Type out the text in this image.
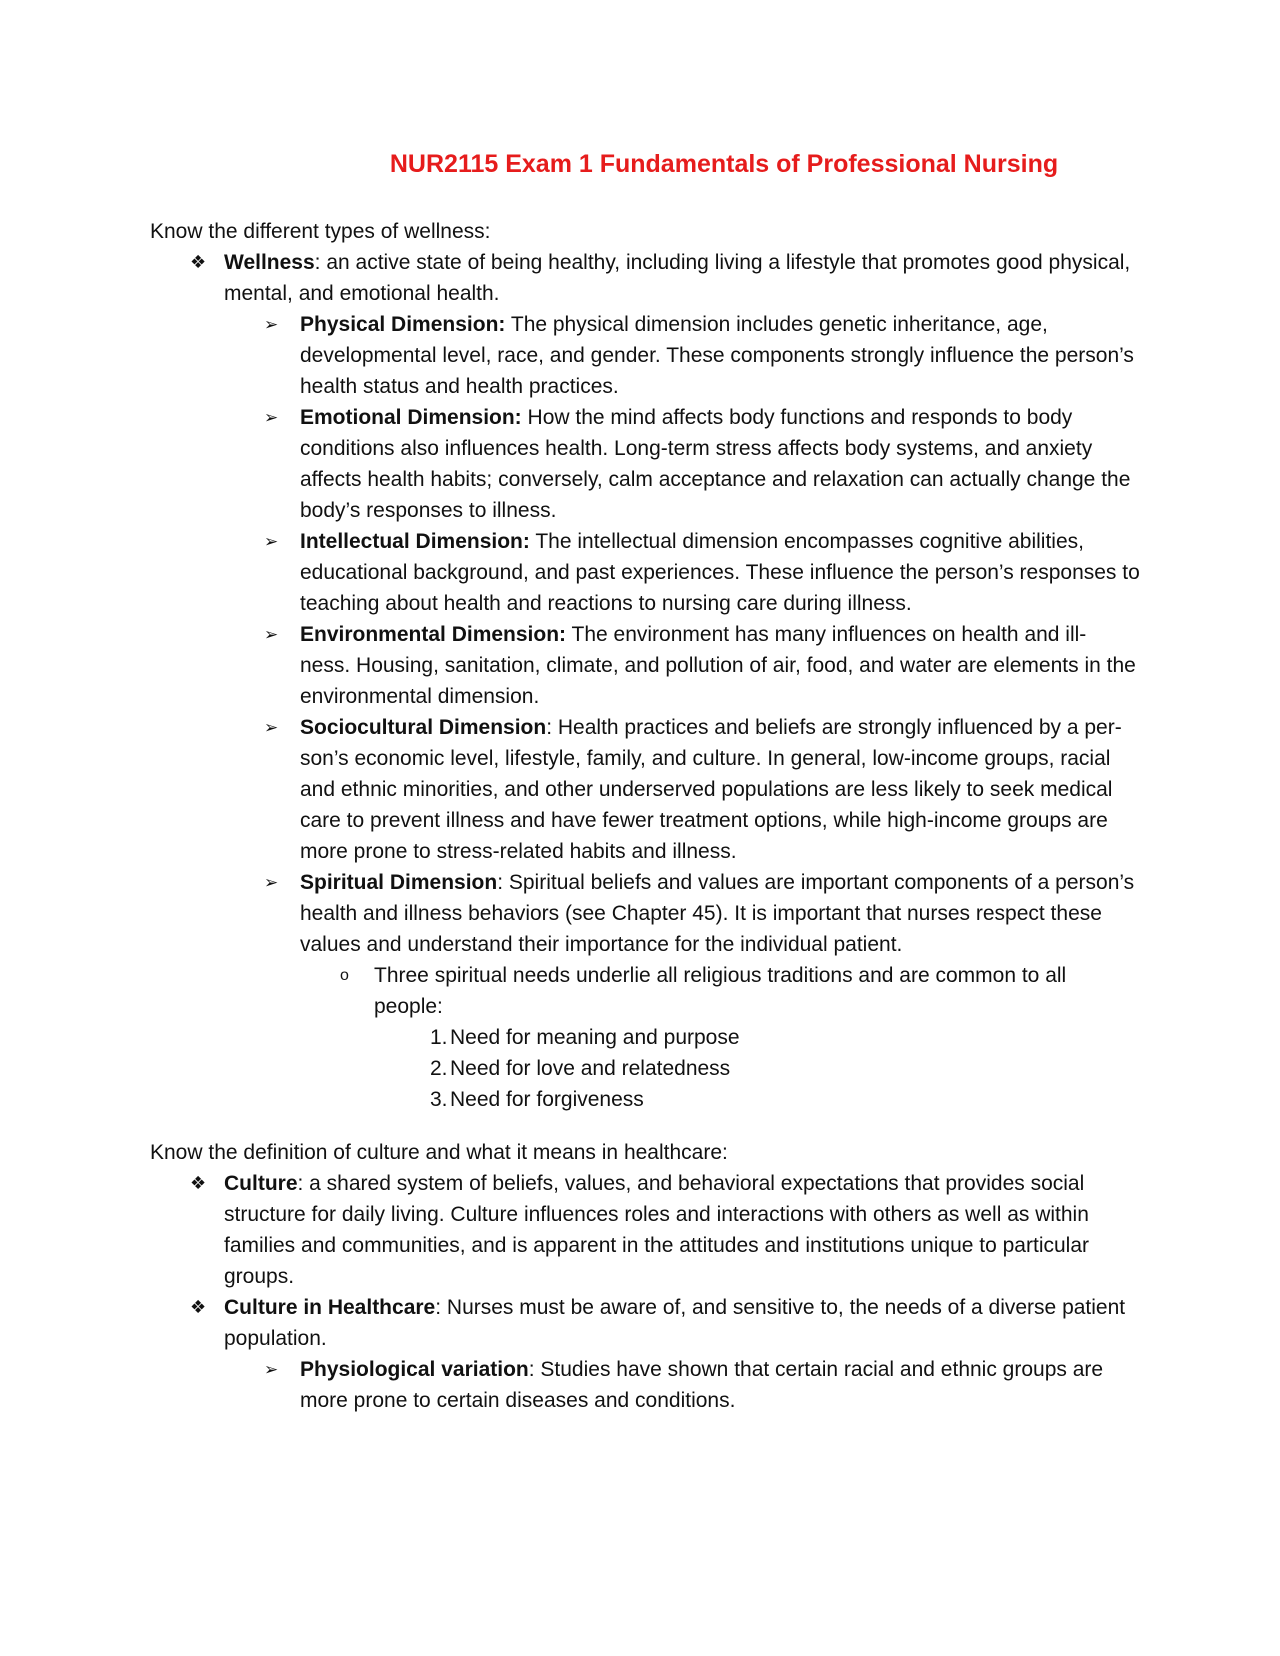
NUR2115 Exam 1 Fundamentals of Professional Nursing

Know the different types of wellness:

❖ Wellness: an active state of being healthy, including living a lifestyle that promotes good physical, mental, and emotional health.
➢ Physical Dimension: The physical dimension includes genetic inheritance, age, developmental level, race, and gender. These components strongly influence the person’s health status and health practices.
➢ Emotional Dimension: How the mind affects body functions and responds to body conditions also influences health. Long-term stress affects body systems, and anxiety affects health habits; conversely, calm acceptance and relaxation can actually change the body’s responses to illness.
➢ Intellectual Dimension: The intellectual dimension encompasses cognitive abilities, educational background, and past experiences. These influence the person’s responses to teaching about health and reactions to nursing care during illness.
➢ Environmental Dimension: The environment has many influences on health and ill- ness. Housing, sanitation, climate, and pollution of air, food, and water are elements in the environmental dimension.
➢ Sociocultural Dimension: Health practices and beliefs are strongly influenced by a per- son’s economic level, lifestyle, family, and culture. In general, low-income groups, racial and ethnic minorities, and other underserved populations are less likely to seek medical care to prevent illness and have fewer treatment options, while high-income groups are more prone to stress-related habits and illness.
➢ Spiritual Dimension: Spiritual beliefs and values are important components of a person’s health and illness behaviors (see Chapter 45). It is important that nurses respect these values and understand their importance for the individual patient.
o Three spiritual needs underlie all religious traditions and are common to all people:
1. Need for meaning and purpose
2. Need for love and relatedness
3. Need for forgiveness

Know the definition of culture and what it means in healthcare:

❖ Culture: a shared system of beliefs, values, and behavioral expectations that provides social structure for daily living. Culture influences roles and interactions with others as well as within families and communities, and is apparent in the attitudes and institutions unique to particular groups.
❖ Culture in Healthcare: Nurses must be aware of, and sensitive to, the needs of a diverse patient population.
➢ Physiological variation: Studies have shown that certain racial and ethnic groups are more prone to certain diseases and conditions.
